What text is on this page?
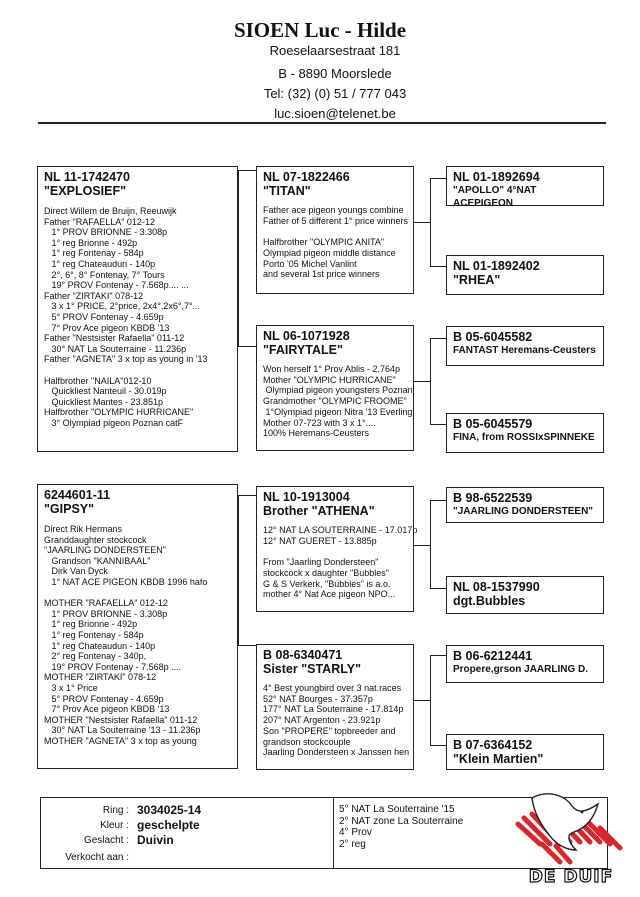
SIOEN Luc - Hilde
Roeselaarsestraat 181
B - 8890 Moorslede
Tel: (32) (0) 51 / 777 043
luc.sioen@telenet.be
NL 11-1742470
"EXPLOSIEF"
Direct Willem de Bruijn, Reeuwijk
Father "RAFAELLA" 012-12
1° PROV BRIONNE - 3.308p
1° reg Brionne - 492p
1° reg Fontenay - 584p
1° reg Chateaudun - 140p
2°, 6°, 8° Fontenay, 7° Tours
19° PROV Fontenay - 7.568p.... ...
Father "ZIRTAKI" 078-12
3 x 1° PRICE, 2°price, 2x4°,2x6°,7°...
5° PROV Fontenay - 4.659p
7° Prov Ace pigeon KBDB '13
Father "Nestsister Rafaella" 011-12
30° NAT La Souterraine - 11.236p
Father "AGNETA" 3 x top as young in '13

Halfbrother "NAILA"012-10
Quickliest Nanteuil - 30.019p
Quickliest Mantes - 23.851p
Halfbrother "OLYMPIC HURRICANE"
3° Olympiad pigeon Poznan catF
NL 07-1822466
"TITAN"
Father ace pigeon youngs combine
Father of 5 different 1° price winners

Halfbrother "OLYMPIC ANITA"
Olympiad pigeon middle distance
Porto '05 Michel Vanlint
and several 1st price winners
NL 06-1071928
"FAIRYTALE"
Won herself 1° Prov Ablis - 2.764p
Mother "OLYMPIC HURRICANE"
Olympiad pigeon youngsters Poznan
Grandmother "OLYMPIC FROOME"
1°Olympiad pigeon Nitra '13 Everling
Mother 07-723 with 3 x 1°....
100% Heremans-Ceusters
NL 01-1892694
"APOLLO" 4°NAT ACEPIGEON
NL 01-1892402
"RHEA"
B 05-6045582
FANTAST Heremans-Ceusters
B 05-6045579
FINA, from ROSSIxSPINNEKE
6244601-11
"GIPSY"
Direct Rik Hermans
Granddaughter stockcock
"JAARLING DONDERSTEEN"
Grandson "KANNIBAAL"
Dirk Van Dyck
1° NAT ACE PIGEON KBDB 1996 hafo

MOTHER "RAFAELLA" 012-12
1° PROV BRIONNE - 3.308p
1° reg Brionne - 492p
1° reg Fontenay - 584p
1° reg Chateaudun - 140p
2° reg Fontenay - 340p,
19° PROV Fontenay - 7.568p ....
MOTHER "ZIRTAKI" 078-12
3 x 1° Price
5° PROV Fontenay - 4.659p
7° Prov Ace pigeon KBDB '13
MOTHER "Nestsister Rafaella" 011-12
30° NAT La Souterraine '13 - 11.236p
MOTHER "AGNETA" 3 x top as young
NL 10-1913004
Brother "ATHENA"
12° NAT LA SOUTERRAINE - 17.017p
12° NAT GUERET - 13.885p

From "Jaarling Dondersteen"
stockcock x daughter "Bubbles"
G & S Verkerk, "Bubbles" is a.o.
mother 4° Nat Ace pigeon NPO...
B 08-6340471
Sister "STARLY"
4° Best youngbird over 3 nat.races
52° NAT Bourges - 37.357p
177° NAT La Souterraine - 17.814p
207° NAT Argenton - 23.921p
Son "PROPERE" topbreeder and
grandson stockcouple
Jaarling Dondersteen x Janssen hen
B 98-6522539
"JAARLING DONDERSTEEN"
NL 08-1537990
dgt.Bubbles
B 06-6212441
Propere,grson JAARLING D.
B 07-6364152
"Klein Martien"
Ring : 3034025-14
Kleur : geschelpte
Geslacht : Duivin
Verkocht aan :
5° NAT La Souterraine '15
2° NAT zone La Souterraine
4° Prov
2° reg
DE DUIF
